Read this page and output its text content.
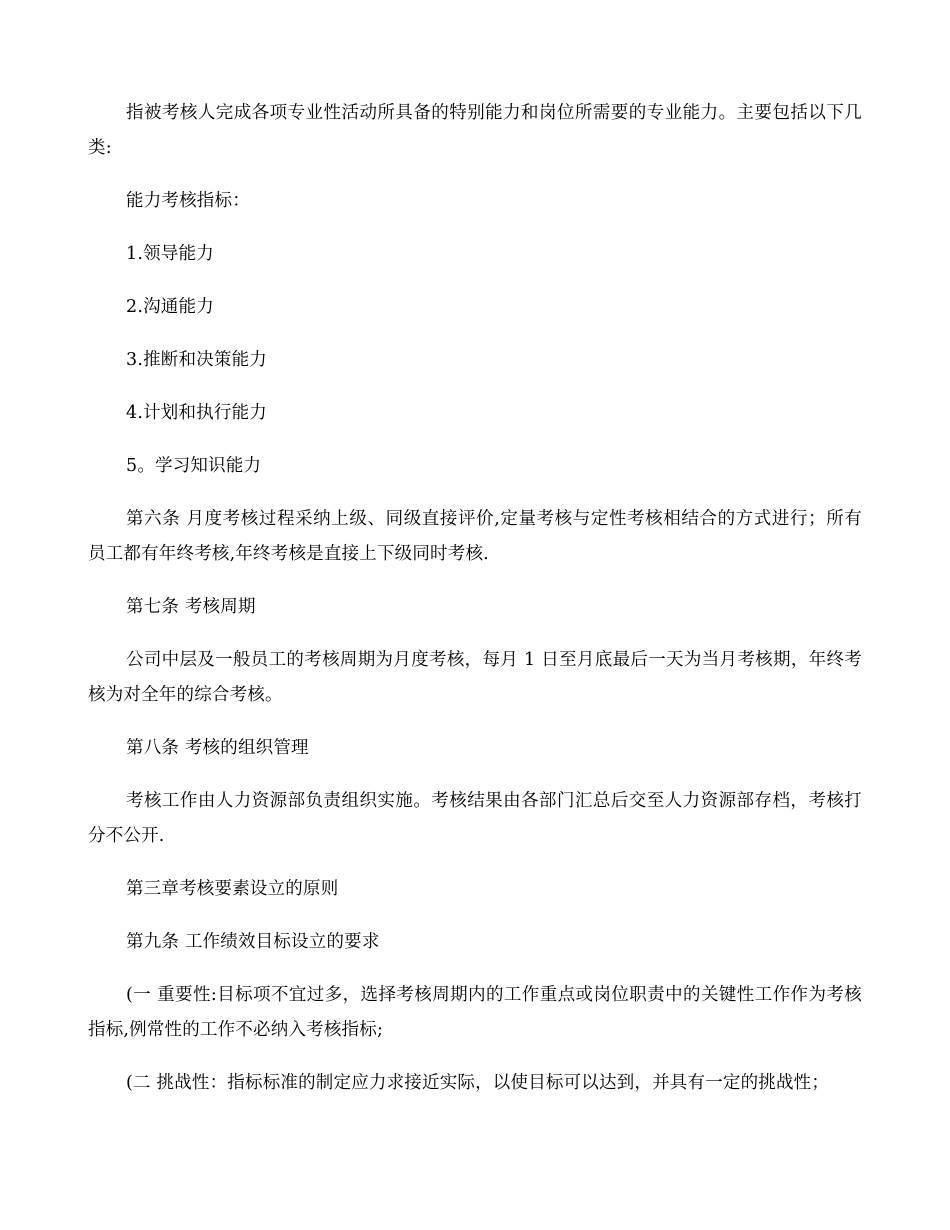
指被考核人完成各项专业性活动所具备的特别能力和岗位所需要的专业能力。主要包括以下几类:

能力考核指标：

1.领导能力

2.沟通能力

3.推断和决策能力

4.计划和执行能力

5。学习知识能力

第六条 月度考核过程采纳上级、同级直接评价,定量考核与定性考核相结合的方式进行；所有员工都有年终考核,年终考核是直接上下级同时考核.

第七条 考核周期

公司中层及一般员工的考核周期为月度考核，每月 1 日至月底最后一天为当月考核期，年终考核为对全年的综合考核。

第八条 考核的组织管理

考核工作由人力资源部负责组织实施。考核结果由各部门汇总后交至人力资源部存档，考核打分不公开.

第三章考核要素设立的原则

第九条 工作绩效目标设立的要求

(一 重要性:目标项不宜过多，选择考核周期内的工作重点或岗位职责中的关键性工作作为考核指标,例常性的工作不必纳入考核指标;

(二 挑战性：指标标准的制定应力求接近实际，以使目标可以达到，并具有一定的挑战性；
